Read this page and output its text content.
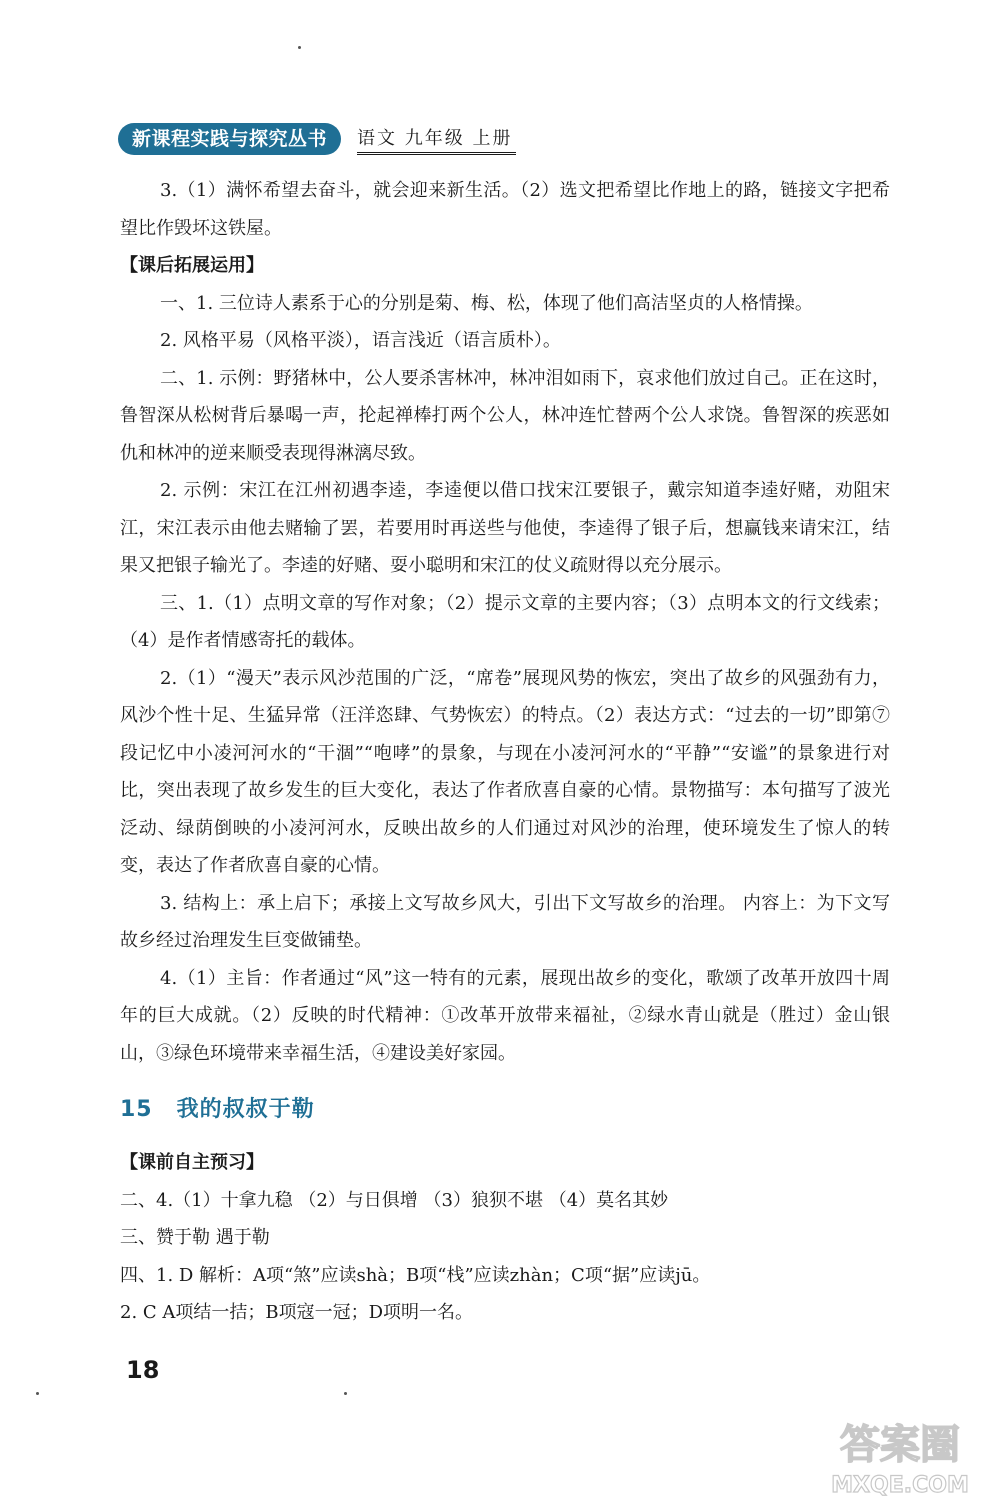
新课程实践与探究丛书	语文 九年级 上册

3.（1）满怀希望去奋斗，就会迎来新生活。（2）选文把希望比作地上的路，链接文字把希望比作毁坏这铁屋。

【课后拓展运用】

一、1. 三位诗人素系于心的分别是菊、梅、松，体现了他们高洁坚贞的人格情操。

2. 风格平易（风格平淡），语言浅近（语言质朴）。

二、1. 示例：野猪林中，公人要杀害林冲，林冲泪如雨下，哀求他们放过自己。正在这时，鲁智深从松树背后暴喝一声，抡起禅棒打两个公人，林冲连忙替两个公人求饶。鲁智深的疾恶如仇和林冲的逆来顺受表现得淋漓尽致。

2. 示例：宋江在江州初遇李逵，李逵便以借口找宋江要银子，戴宗知道李逵好赌，劝阻宋江，宋江表示由他去赌输了罢，若要用时再送些与他使，李逵得了银子后，想赢钱来请宋江，结果又把银子输光了。李逵的好赌、耍小聪明和宋江的仗义疏财得以充分展示。

三、1.（1）点明文章的写作对象；（2）提示文章的主要内容；（3）点明本文的行文线索；（4）是作者情感寄托的载体。

2.（1）“漫天”表示风沙范围的广泛，“席卷”展现风势的恢宏，突出了故乡的风强劲有力，风沙个性十足、生猛异常（汪洋恣肆、气势恢宏）的特点。（2）表达方式：“过去的一切”即第⑦段记忆中小凌河河水的“干涸”“咆哮”的景象，与现在小凌河河水的“平静”“安谧”的景象进行对比，突出表现了故乡发生的巨大变化，表达了作者欣喜自豪的心情。景物描写：本句描写了波光泛动、绿荫倒映的小凌河河水，反映出故乡的人们通过对风沙的治理，使环境发生了惊人的转变，表达了作者欣喜自豪的心情。

3. 结构上：承上启下；承接上文写故乡风大，引出下文写故乡的治理。 内容上：为下文写故乡经过治理发生巨变做铺垫。

4.（1）主旨：作者通过“风”这一特有的元素，展现出故乡的变化，歌颂了改革开放四十周年的巨大成就。（2）反映的时代精神：①改革开放带来福祉，②绿水青山就是（胜过）金山银山，③绿色环境带来幸福生活，④建设美好家园。

15 我的叔叔于勒

【课前自主预习】

二、4.（1）十拿九稳 （2）与日俱增 （3）狼狈不堪 （4）莫名其妙

三、赞于勒 遇于勒

四、1. D 解析：A项“煞”应读shà；B项“栈”应读zhàn；C项“据”应读jū。

2. C A项结一拮；B项寇一冠；D项明一名。

18
答案圈
MXQE.COM
